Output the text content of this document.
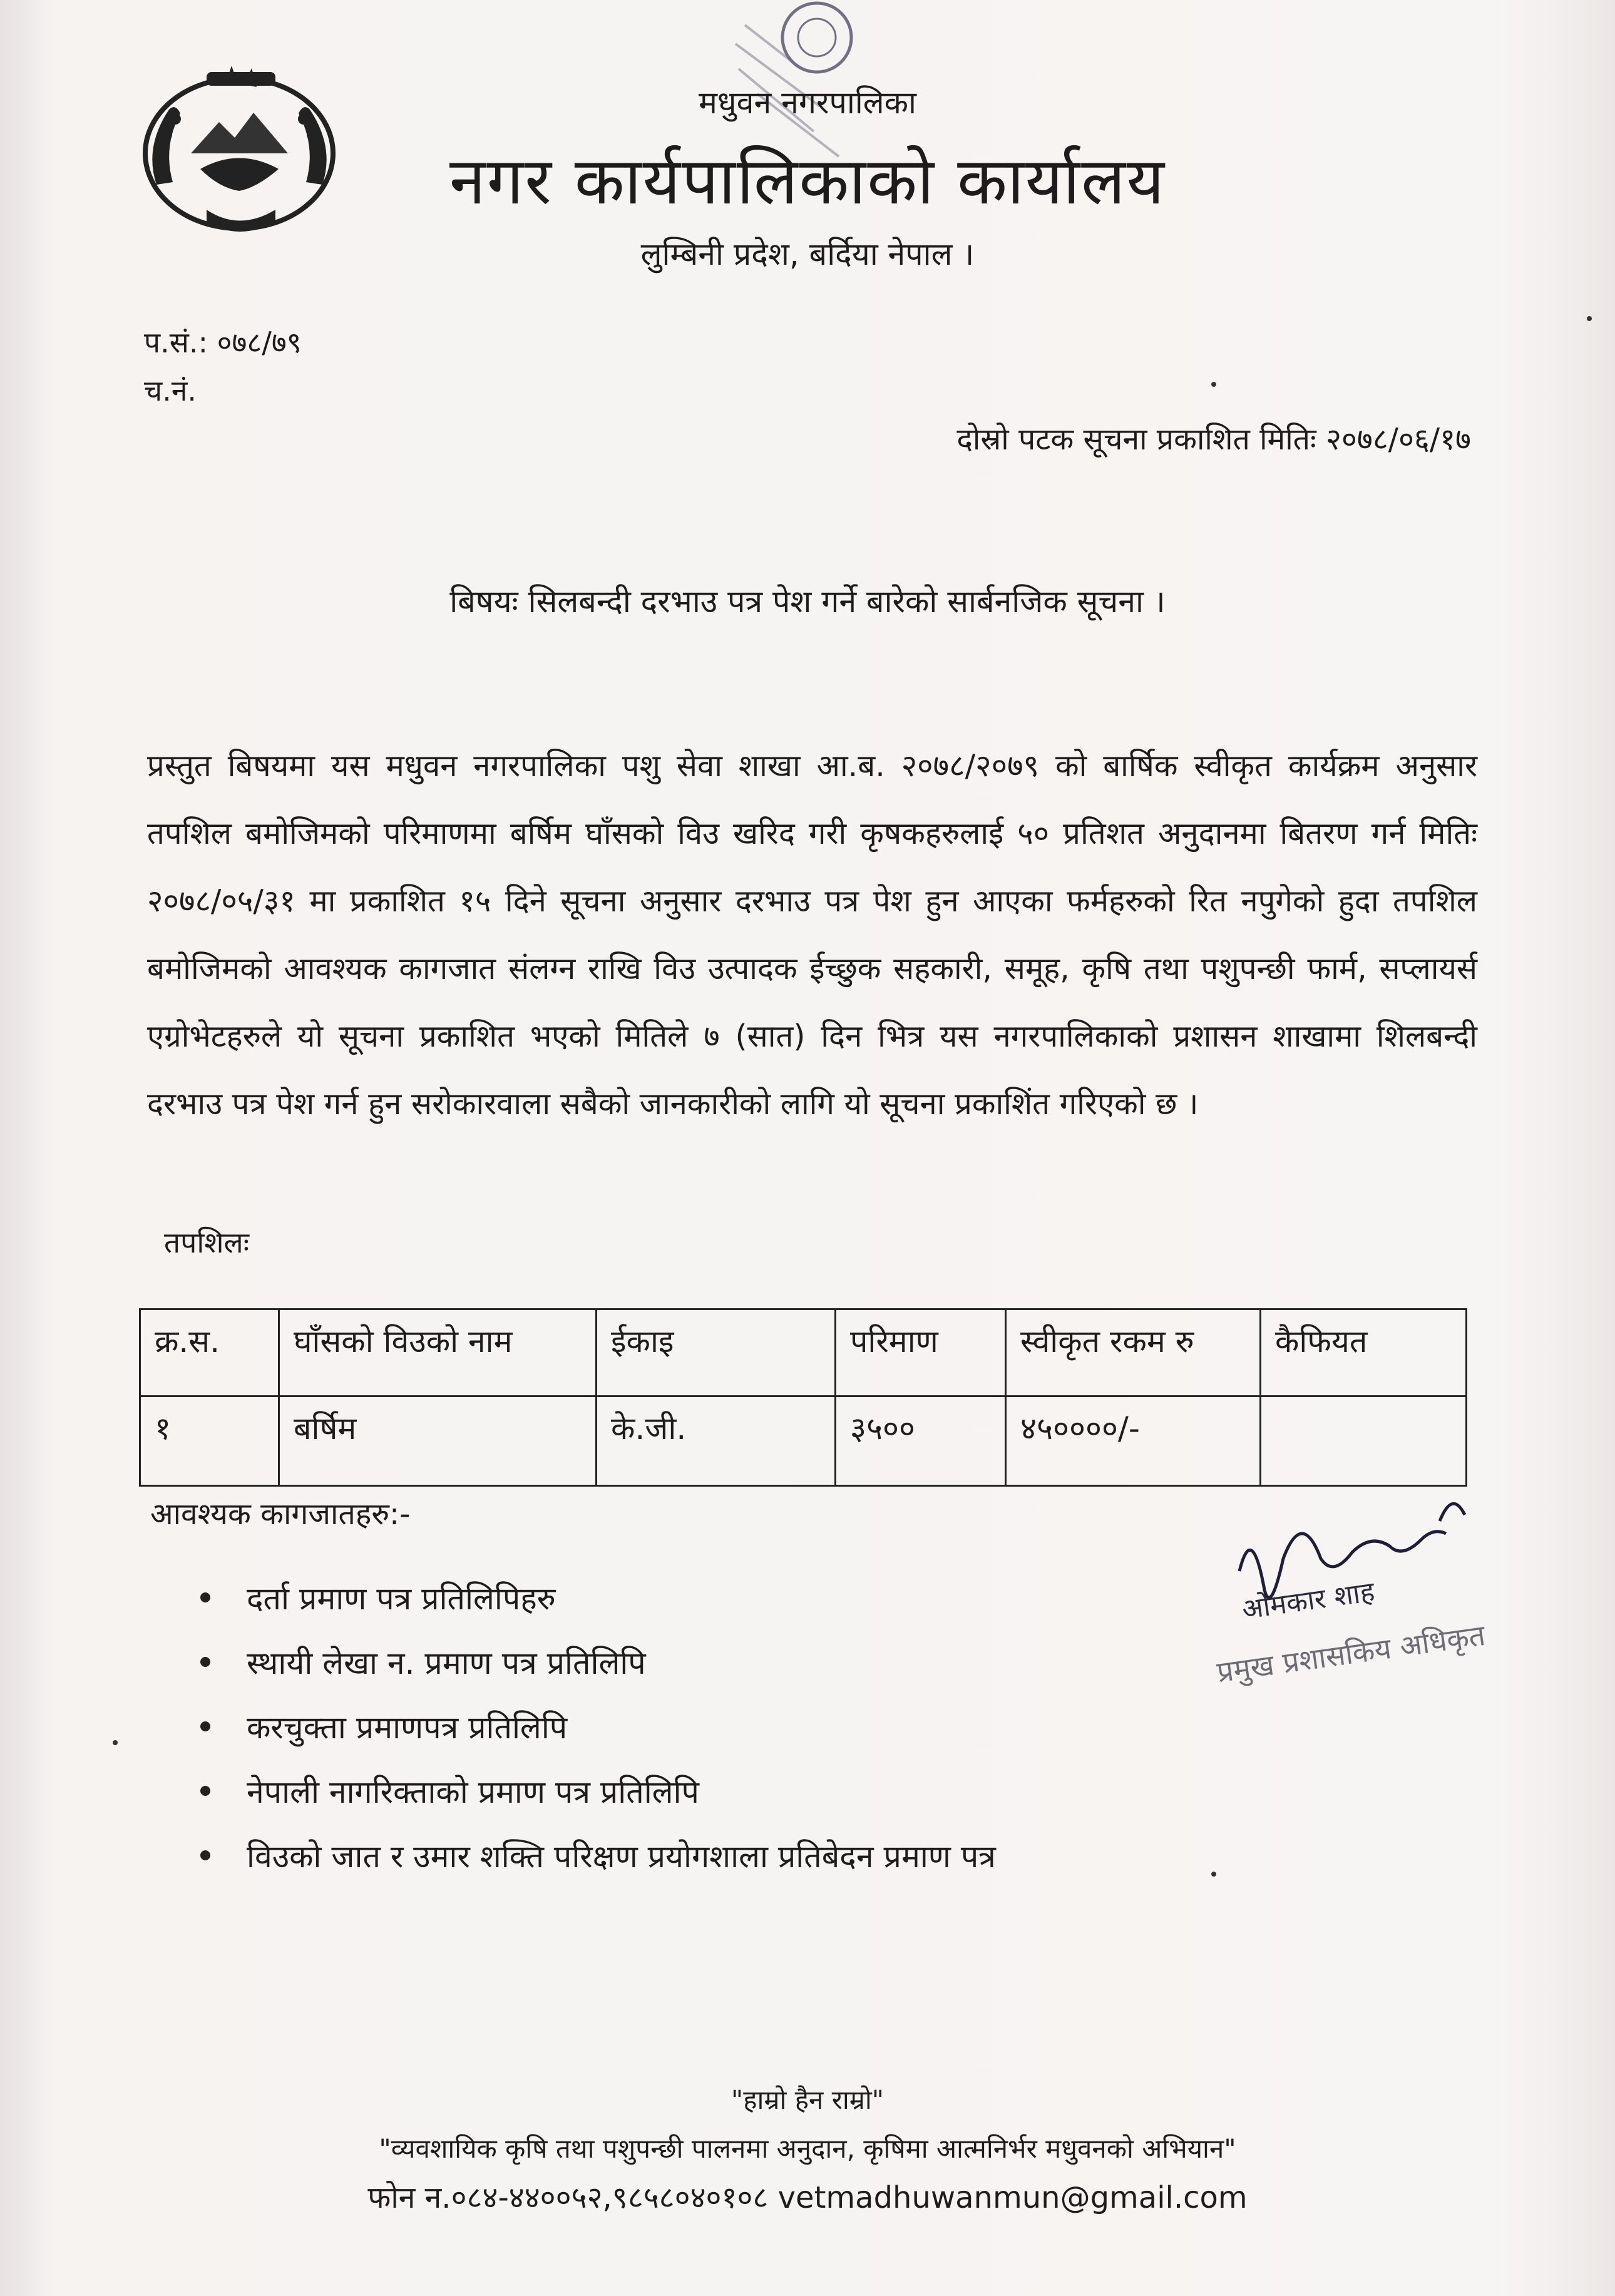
मधुवन नगरपालिका
नगर कार्यपालिकाको कार्यालय
लुम्बिनी प्रदेश, बर्दिया नेपाल ।
प.सं.: ०७८/७९
च.नं.
दोस्रो पटक सूचना प्रकाशित मितिः २०७८/०६/१७
बिषयः सिलबन्दी दरभाउ पत्र पेश गर्ने बारेको सार्बनजिक सूचना ।
प्रस्तुत बिषयमा यस मधुवन नगरपालिका पशु सेवा शाखा आ.ब. २०७८/२०७९ को बार्षिक स्वीकृत कार्यक्रम अनुसार तपशिल बमोजिमको परिमाणमा बर्षिम घाँसको विउ खरिद गरी कृषकहरुलाई ५० प्रतिशत अनुदानमा बितरण गर्न मितिः २०७८/०५/३१ मा प्रकाशित १५ दिने सूचना अनुसार दरभाउ पत्र पेश हुन आएका फर्महरुको रित नपुगेको हुदा तपशिल बमोजिमको आवश्यक कागजात संलग्न राखि विउ उत्पादक ईच्छुक सहकारी, समूह, कृषि तथा पशुपन्छी फार्म, सप्लायर्स एग्रोभेटहरुले यो सूचना प्रकाशित भएको मितिले ७ (सात) दिन भित्र यस नगरपालिकाको प्रशासन शाखामा शिलबन्दी दरभाउ पत्र पेश गर्न हुन सरोकारवाला सबैको जानकारीको लागि यो सूचना प्रकाशिंत गरिएको छ ।
तपशिलः
क्र.स.	घाँसको विउको नाम	ईकाइ	परिमाण	स्वीकृत रकम रु	कैफियत
१	बर्षिम	के.जी.	३५००	४५००००/-	
आवश्यक कागजातहरु:-
दर्ता प्रमाण पत्र प्रतिलिपिहरु
स्थायी लेखा न. प्रमाण पत्र प्रतिलिपि
करचुक्ता प्रमाणपत्र प्रतिलिपि
नेपाली नागरिक्ताको प्रमाण पत्र प्रतिलिपि
विउको जात र उमार शक्ति परिक्षण प्रयोगशाला प्रतिबेदन प्रमाण पत्र
ओमकार शाह
प्रमुख प्रशासकिय अधिकृत
"हाम्रो हैन राम्रो"
"व्यवशायिक कृषि तथा पशुपन्छी पालनमा अनुदान, कृषिमा आत्मनिर्भर मधुवनको अभियान"
फोन न.०८४-४४००५२,९८५८०४०१०८ vetmadhuwanmun@gmail.com
